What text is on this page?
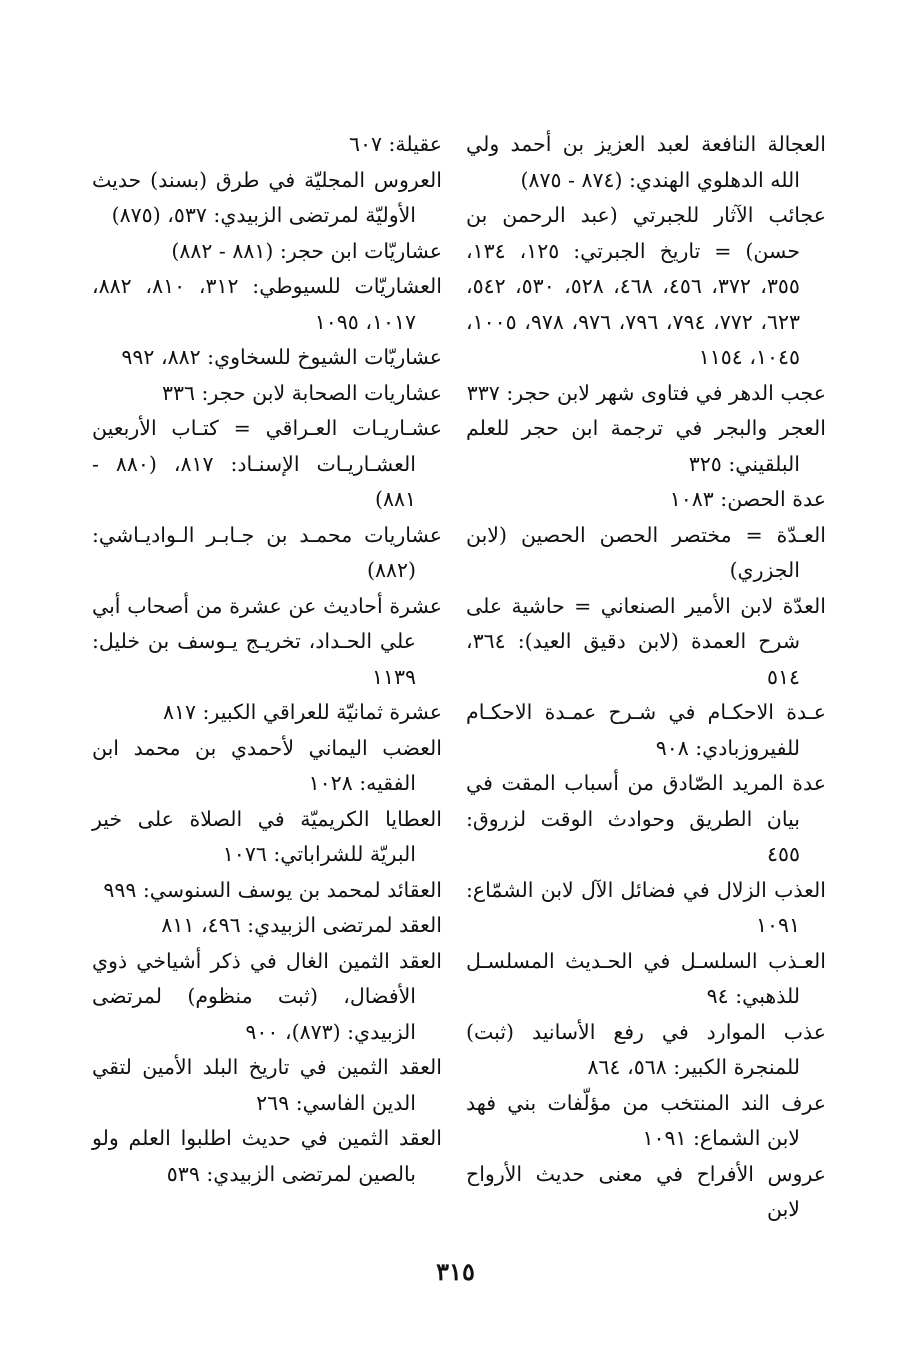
العجالة النافعة لعبد العزيز بن أحمد ولي الله الدهلوي الهندي: (٨٧٤ - ٨٧٥)

عجائب الآثار للجبرتي (عبد الرحمن بن حسن) = تاريخ الجبرتي: ١٢٥، ١٣٤، ٣٥٥، ٣٧٢، ٤٥٦، ٤٦٨، ٥٢٨، ٥٣٠، ٥٤٢، ٦٢٣، ٧٧٢، ٧٩٤، ٧٩٦، ٩٧٦، ٩٧٨، ١٠٠٥، ١٠٤٥، ١١٥٤

عجب الدهر في فتاوى شهر لابن حجر: ٣٣٧

العجر والبجر في ترجمة ابن حجر للعلم البلقيني: ٣٢٥

عدة الحصن: ١٠٨٣

العـدّة = مختصر الحصن الحصين (لابن الجزري)

العدّة لابن الأمير الصنعاني = حاشية على شرح العمدة (لابن دقيق العيد): ٣٦٤، ٥١٤

عـدة الاحكـام في شـرح عمـدة الاحكـام للفيروزبادي: ٩٠٨

عدة المريد الصّادق من أسباب المقت في بيان الطريق وحوادث الوقت لزروق: ٤٥٥

العذب الزلال في فضائل الآل لابن الشمّاع: ١٠٩١

العـذب السلسـل في الحـديث المسلسـل للذهبي: ٩٤

عذب الموارد في رفع الأسانيد (ثبت) للمنجرة الكبير: ٥٦٨، ٨٦٤

عرف الند المنتخب من مؤلّفات بني فهد لابن الشماع: ١٠٩١

عروس الأفراح في معنى حديث الأرواح لابن

عقيلة: ٦٠٧

العروس المجليّة في طرق (بسند) حديث الأوليّة لمرتضى الزبيدي: ٥٣٧، (٨٧٥)

عشاريّات ابن حجر: (٨٨١ - ٨٨٢)

العشاريّات للسيوطي: ٣١٢، ٨١٠، ٨٨٢، ١٠١٧، ١٠٩٥

عشاريّات الشيوخ للسخاوي: ٨٨٢، ٩٩٢

عشاريات الصحابة لابن حجر: ٣٣٦

عشـاريـات العـراقي = كتـاب الأربعين العشـاريـات الإسنـاد: ٨١٧، (٨٨٠ - ٨٨١)

عشاريات محمـد بن جـابـر الـواديـاشي: (٨٨٢)

عشرة أحاديث عن عشرة من أصحاب أبي علي الحـداد، تخريـج يـوسف بن خليل: ١١٣٩

عشرة ثمانيّة للعراقي الكبير: ٨١٧

العضب اليماني لأحمدي بن محمد ابن الفقيه: ١٠٢٨

العطايا الكريميّة في الصلاة على خير البريّة للشراباتي: ١٠٧٦

العقائد لمحمد بن يوسف السنوسي: ٩٩٩

العقد لمرتضى الزبيدي: ٤٩٦، ٨١١

العقد الثمين الغال في ذكر أشياخي ذوي الأفضال، (ثبت منظوم) لمرتضى الزبيدي: (٨٧٣)، ٩٠٠

العقد الثمين في تاريخ البلد الأمين لتقي الدين الفاسي: ٢٦٩

العقد الثمين في حديث اطلبوا العلم ولو بالصين لمرتضى الزبيدي: ٥٣٩

٣١٥
